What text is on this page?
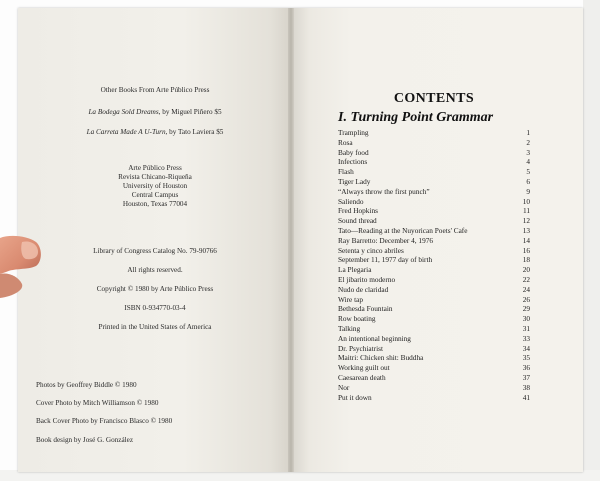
Other Books From Arte Público Press
La Bodega Sold Dreams, by Miguel Piñero $5
La Carreta Made A U-Turn, by Tato Laviera $5
Arte Público Press
Revista Chicano-Riqueña
University of Houston
Central Campus
Houston, Texas 77004
Library of Congress Catalog No. 79-90766
All rights reserved.
Copyright © 1980 by Arte Público Press
ISBN 0-934770-03-4
Printed in the United States of America
Photos by Geoffrey Biddle © 1980
Cover Photo by Mitch Williamson © 1980
Back Cover Photo by Francisco Blasco © 1980
Book design by José G. González
CONTENTS
I. Turning Point Grammar
Trampling	1
Rosa	2
Baby food	3
Infections	4
Flash	5
Tiger Lady	6
“Always throw the first punch”	9
Saliendo	10
Fred Hopkins	11
Sound thread	12
Tato—Reading at the Nuyorican Poets' Cafe	13
Ray Barretto: December 4, 1976	14
Setenta y cinco abriles	16
September 11, 1977 day of birth	18
La Plegaria	20
El jibarito moderno	22
Nudo de claridad	24
Wire tap	26
Bethesda Fountain	29
Row boating	30
Talking	31
An intentional beginning	33
Dr. Psychiatrist	34
Maitri: Chicken shit: Buddha	35
Working guilt out	36
Caesarean death	37
Nor	38
Put it down	41
